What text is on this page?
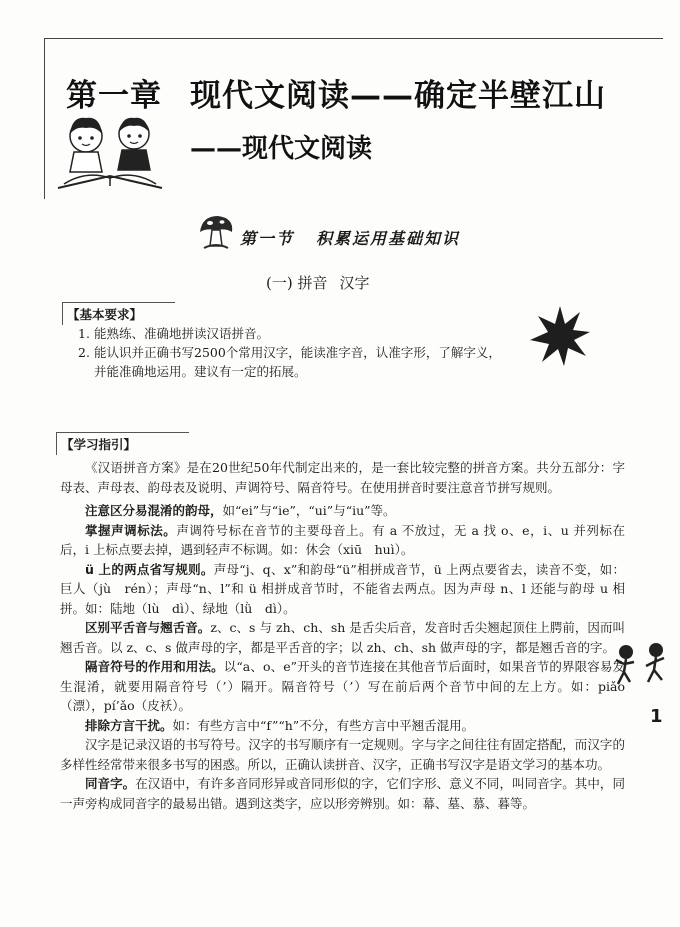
第一章 现代文阅读——确定半壁江山
——现代文阅读
第一节 积累运用基础知识
(一) 拼音 汉字
【基本要求】
1. 能熟练、准确地拼读汉语拼音。
2. 能认识并正确书写2500个常用汉字，能读准字音，认准字形，了解字义，
并能准确地运用。建议有一定的拓展。
【学习指引】

《汉语拼音方案》是在20世纪50年代制定出来的，是一套比较完整的拼音方案。共分五部分：字母表、声母表、韵母表及说明、声调符号、隔音符号。在使用拼音时要注意音节拼写规则。

注意区分易混淆的韵母，如“ei”与“ie”，“ui”与“iu”等。

掌握声调标法。声调符号标在音节的主要母音上。有 a 不放过，无 a 找 o、e，i、u 并列标在后，i 上标点要去掉，遇到轻声不标调。如：休会（xiū　huì）。

ü 上的两点省写规则。声母“j、q、x”和韵母“ü”相拼成音节，ü 上两点要省去，读音不变，如：巨人（jù　rén）；声母“n、l”和 ü 相拼成音节时，不能省去两点。因为声母 n、l 还能与韵母 u 相拼。如：陆地（lù　dì）、绿地（lǜ　dì）。

区别平舌音与翘舌音。z、c、s 与 zh、ch、sh 是舌尖后音，发音时舌尖翘起顶住上腭前，因而叫翘舌音。以 z、c、s 做声母的字，都是平舌音的字；以 zh、ch、sh 做声母的字，都是翘舌音的字。

隔音符号的作用和用法。以“a、o、e”开头的音节连接在其他音节后面时，如果音节的界限容易发生混淆，就要用隔音符号（’）隔开。隔音符号（’）写在前后两个音节中间的左上方。如：piǎo（漂），pí’ǎo（皮袄）。

排除方言干扰。如：有些方言中“f”“h”不分，有些方言中平翘舌混用。

汉字是记录汉语的书写符号。汉字的书写顺序有一定规则。字与字之间往往有固定搭配，而汉字的多样性经常带来很多书写的困惑。所以，正确认读拼音、汉字，正确书写汉字是语文学习的基本功。

同音字。在汉语中，有许多音同形异或音同形似的字，它们字形、意义不同，叫同音字。其中，同一声旁构成同音字的最易出错。遇到这类字，应以形旁辨别。如：幕、墓、慕、暮等。

1
